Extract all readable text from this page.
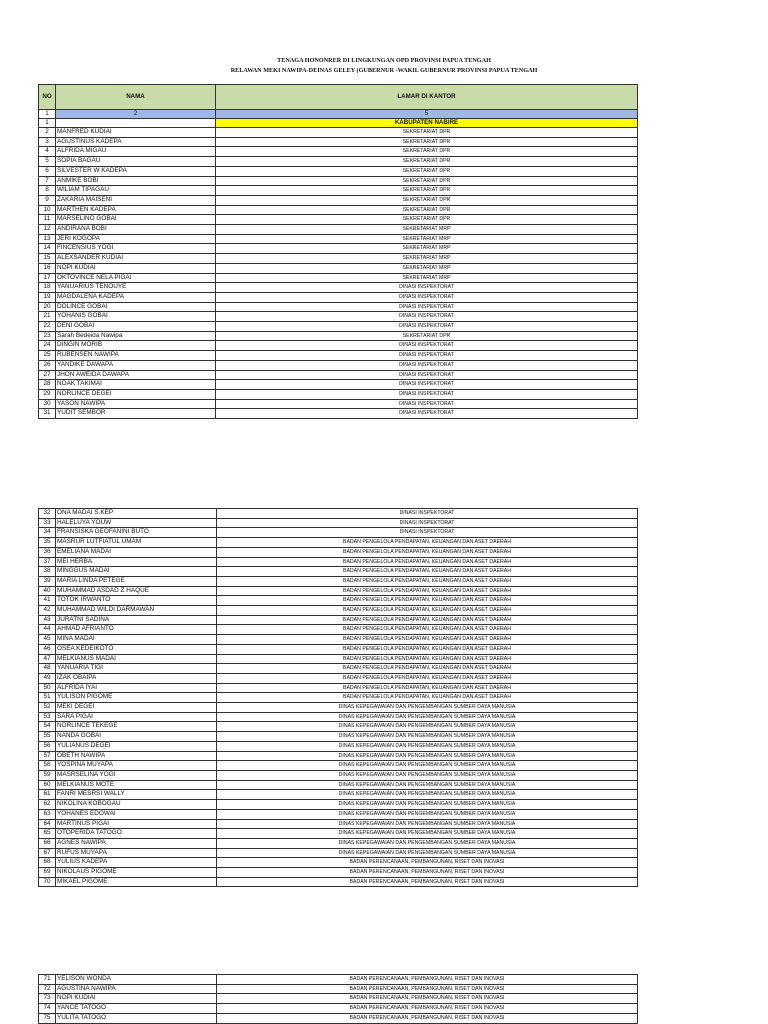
TENAGA HONONRER DI LINGKUNGAN OPD PROVINSI PAPUA TENGAH
RELAWAN MEKI NAWIPA-DEINAS GELEY (GUBERNUR -WAKIL GUBERNUR PROVINSI PAPUA TENGAH
NO	NAMA	LAMAR DI KANTOR
1	2	5
1		KABUPATEN NABIRE
2	MANFRED KUDIAI	SEKRETARIAT DPR
3	AGUSTINUS KADEPA	SEKRETARIAT DPR
4	ALFRIDA MIGAU	SEKRETARIAT DPR
5	SOPIA BAGAU	SEKRETARIAT DPR
6	SILVESTER W KADEPA	SEKRETARIAT DPR
7	ANMIKE BOBI	SEKRETARIAT DPR
8	WILIAM TIPAGAU	SEKRETARIAT DPR
9	ZAKARIA MAISENI	SEKRETARIAT DPR
10	MARTHEN KADEPA	SEKRETARIAT DPR
11	MARSELINO GOBAI	SEKRETARIAT DPR
12	ANDIRANA BOBI	SEKRETARIAT MRP
13	JERI KOGOPA	SEKRETARIAT MRP
14	FINCENSIUS YOGI	SEKRETARIAT MRP
15	ALEXSANDER KUDIAI	SEKRETARIAT MRP
16	NOPI KUDIAI	SEKRETARIAT MRP
17	OKTOVINCE NELA PIGAI	SEKRETARIAT MRP
18	YANUARIUS TENOUYE	DINASI INSPEKTORAT
19	MAGDALENA KADEPA	DINASI INSPEKTORAT
20	DOLINCE GOBAI	DINASI INSPEKTORAT
21	YOHANIS GOBAI	DINASI INSPEKTORAT
22	DENI GOBAI	DINASI INSPEKTORAT
23	Sarah Bedeida Nawipa	SEKRETARIAT DPR
24	DINGIN MORIB	DINASI INSPEKTORAT
25	RUBENSEN NAWIPA	DINASI INSPEKTORAT
26	YANDIKE DAWAPA	DINASI INSPEKTORAT
27	JHON AWEIDA DAWAPA	DINASI INSPEKTORAT
28	NOAK TAKIMAI	DINASI INSPEKTORAT
29	NORLINCE DEGEI	DINASI INSPEKTORAT
30	YASON NAWIPA	DINASI INSPEKTORAT
31	YUDIT SEMBOR	DINASI INSPEKTORAT
32	ONA MADAI S.KEP	DINASI INSPEKTORAT
33	HALELUYA YOUW	DINASI INSPEKTORAT
34	FRANSISKA GEOFANINI BUTO	DINASI INSPEKTORAT
35	MASRUR LUTFIATUL UMAM	BADAN PENGELOLA PENDAPATAN, KEUANGAN DAN ASET DAERAH
36	EMELIANA MADAI	BADAN PENGELOLA PENDAPATAN, KEUANGAN DAN ASET DAERAH
37	MEI HERBA	BADAN PENGELOLA PENDAPATAN, KEUANGAN DAN ASET DAERAH
38	MINGGUS MADAI	BADAN PENGELOLA PENDAPATAN, KEUANGAN DAN ASET DAERAH
39	MARIA LINDA PETEGE	BADAN PENGELOLA PENDAPATAN, KEUANGAN DAN ASET DAERAH
40	MUHAMMAD ASDAD Z HAQUE	BADAN PENGELOLA PENDAPATAN, KEUANGAN DAN ASET DAERAH
41	TOTOK IRWANTO	BADAN PENGELOLA PENDAPATAN, KEUANGAN DAN ASET DAERAH
42	MUHAMMAD WILDI DARMAWAN	BADAN PENGELOLA PENDAPATAN, KEUANGAN DAN ASET DAERAH
43	JURATNI SADINA	BADAN PENGELOLA PENDAPATAN, KEUANGAN DAN ASET DAERAH
44	AHMAD AFRIANTO	BADAN PENGELOLA PENDAPATAN, KEUANGAN DAN ASET DAERAH
45	MINA MADAI	BADAN PENGELOLA PENDAPATAN, KEUANGAN DAN ASET DAERAH
46	OSEA KEDEIKOTO	BADAN PENGELOLA PENDAPATAN, KEUANGAN DAN ASET DAERAH
47	MELKIANUS MADAI	BADAN PENGELOLA PENDAPATAN, KEUANGAN DAN ASET DAERAH
48	YANUARIA TIGI	BADAN PENGELOLA PENDAPATAN, KEUANGAN DAN ASET DAERAH
49	IZAK OBAIPA	BADAN PENGELOLA PENDAPATAN, KEUANGAN DAN ASET DAERAH
50	ALFRIDA IYAI	BADAN PENGELOLA PENDAPATAN, KEUANGAN DAN ASET DAERAH
51	YULISON PIGOME	BADAN PENGELOLA PENDAPATAN, KEUANGAN DAN ASET DAERAH
52	MEKI DEGEI	DINAS KEPEGAWAIAN DAN PENGEMBANGAN SUMBER DAYA MANUSIA
53	SARA PIGAI	DINAS KEPEGAWAIAN DAN PENGEMBANGAN SUMBER DAYA MANUSIA
54	NORLINCE TEKEGE	DINAS KEPEGAWAIAN DAN PENGEMBANGAN SUMBER DAYA MANUSIA
55	NANDA GOBAI	DINAS KEPEGAWAIAN DAN PENGEMBANGAN SUMBER DAYA MANUSIA
56	YULIANUS DEGEI	DINAS KEPEGAWAIAN DAN PENGEMBANGAN SUMBER DAYA MANUSIA
57	OBETH NAWIPA	DINAS KEPEGAWAIAN DAN PENGEMBANGAN SUMBER DAYA MANUSIA
58	YOSPINA MUYAPA	DINAS KEPEGAWAIAN DAN PENGEMBANGAN SUMBER DAYA MANUSIA
59	MASRSELINA YOGI	DINAS KEPEGAWAIAN DAN PENGEMBANGAN SUMBER DAYA MANUSIA
60	MELKIANUS MOTE	DINAS KEPEGAWAIAN DAN PENGEMBANGAN SUMBER DAYA MANUSIA
61	FANRI MESRSI WALLY	DINAS KEPEGAWAIAN DAN PENGEMBANGAN SUMBER DAYA MANUSIA
62	NIKOLINA KOBOGAU	DINAS KEPEGAWAIAN DAN PENGEMBANGAN SUMBER DAYA MANUSIA
63	YOHANES EDOWAI	DINAS KEPEGAWAIAN DAN PENGEMBANGAN SUMBER DAYA MANUSIA
64	MARTINUS PIGAI	DINAS KEPEGAWAIAN DAN PENGEMBANGAN SUMBER DAYA MANUSIA
65	OTOPERIDA TATOGO	DINAS KEPEGAWAIAN DAN PENGEMBANGAN SUMBER DAYA MANUSIA
66	AGNES NAWIPA	DINAS KEPEGAWAIAN DAN PENGEMBANGAN SUMBER DAYA MANUSIA
67	RUFUS MUYAPA	DINAS KEPEGAWAIAN DAN PENGEMBANGAN SUMBER DAYA MANUSIA
68	YULIUS KADEPA	BADAN PERENCANAAN, PEMBANGUNAN, RISET DAN INOVASI
69	NIKOLAUS PIGOME	BADAN PERENCANAAN, PEMBANGUNAN, RISET DAN INOVASI
70	MIKAEL PIGOME	BADAN PERENCANAAN, PEMBANGUNAN, RISET DAN INOVASI
71	YELISON WONDA	BADAN PERENCANAAN, PEMBANGUNAN, RISET DAN INOVASI
72	AGUSTINA NAWIPA	BADAN PERENCANAAN, PEMBANGUNAN, RISET DAN INOVASI
73	NOPI KUDIAI	BADAN PERENCANAAN, PEMBANGUNAN, RISET DAN INOVASI
74	YANCE TATOGO	BADAN PERENCANAAN, PEMBANGUNAN, RISET DAN INOVASI
75	YULITA TATOGO	BADAN PERENCANAAN, PEMBANGUNAN, RISET DAN INOVASI
